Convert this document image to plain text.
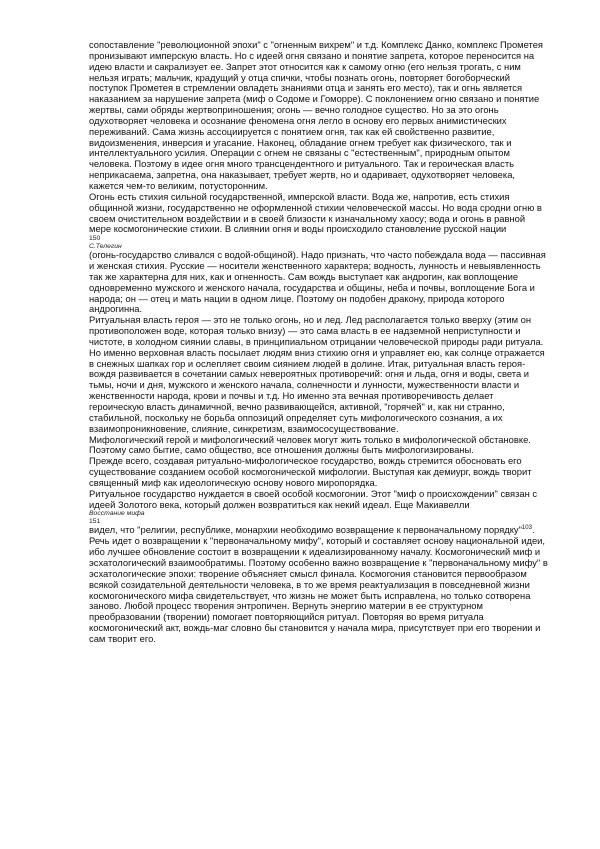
сопоставление "революционной эпохи" с "огненным вихрем" и т.д. Комплекс Данко, комплекс Прометея пронизывают имперскую власть. Но с идеей огня связано и понятие запрета, которое переносится на идею власти и сакрализует ее. Запрет этот относится как к самому огню (его нельзя трогать, с ним нельзя играть; мальчик, крадущий у отца спички, чтобы познать огонь, повторяет богоборческий поступок Прометея в стремлении овладеть знаниями отца и занять его место), так и огнь является наказанием за нарушение запрета (миф о Содоме и Гоморре). С поклонением огню связано и понятие жертвы, сами обряды жертвоприношения; огонь — вечно голодное существо. Но за это огонь одухотворяет человека и осознание феномена огня легло в основу его первых анимистических переживаний. Сама жизнь ассоциируется с понятием огня, так как ей свойственно развитие, видоизменения, инверсия и угасание. Наконец, обладание огнем требует как физического, так и интеллектуального усилия. Операции с огнем не связаны с "естественным", природным опытом человека. Поэтому в идее огня много трансцендентного и ритуального. Так и героическая власть неприкасаема, запретна, она наказывает, требует жертв, но и одаривает, одухотворяет человека, кажется чем-то великим, потусторонним.

Огонь есть стихия сильной государственной, имперской власти. Вода же, напротив, есть стихия общинной жизни, государственно не оформленной стихии человеческой массы. Но вода сродни огню в своем очистительном воздействии и в своей близости к изначальному хаосу; вода и огонь в равной мере космогонические стихии. В слиянии огня и воды происходило становление русской нации

150
С.Телегин

(огонь-государство сливался с водой-общиной). Надо признать, что часто побеждала вода — пассивная и женская стихия. Русские — носители женственного характера; водность, лунность и невыявленность так же характерна для них, как и огненность. Сам вождь выступает как андрогин, как воплощение одновременно мужского и женского начала, государства и общины, неба и почвы, воплощение Бога и народа; он — отец и мать нации в одном лице. Поэтому он подобен дракону, природа которого андрогинна.

Ритуальная власть героя — это не только огонь, но и лед. Лед располагается только вверху (этим он противоположен воде, которая только внизу) — это сама власть в ее надземной неприступности и чистоте, в холодном сиянии славы, в принципиальном отрицании человеческой природы ради ритуала. Но именно верховная власть посылает людям вниз стихию огня и управляет ею, как солнце отражается в снежных шапках гор и ослепляет своим сиянием людей в долине. Итак, ритуальная власть героя-вождя развивается в сочетании самых невероятных противоречий: огня и льда, огня и воды, света и тьмы, ночи и дня, мужского и женского начала, солнечности и лунности, мужественности власти и женственности народа, крови и почвы и т.д. Но именно эта вечная противоречивость делает героическую власть динамичной, вечно развивающейся, активной, "горячей" и, как ни странно, стабильной, поскольку не борьба оппозиций определяет суть мифологического сознания, а их взаимопроникновение, слияние, синкретизм, взаимососуществование.

Мифологический герой и мифологический человек могут жить только в мифологической обстановке. Поэтому само бытие, само общество, все отношения должны быть мифологизированы.

Прежде всего, создавая ритуально-мифологическое государство, вождь стремится обосновать его существование созданием особой космогонической мифологии. Выступая как демиург, вождь творит священный миф как идеологическую основу нового миропорядка.

Ритуальное государство нуждается в своей особой космогонии. Этот "миф о происхождении" связан с идеей Золотого века, который должен возвратиться как некий идеал. Еще Макиавелли

Восстание мифа
151

видел, что "религии, республике, монархии необходимо возвращение к первоначальному порядку"$^{103}$. Речь идет о возвращении к "первоначальному мифу", который и составляет основу национальной идеи, ибо лучшее обновление состоит в возвращении к идеализированному началу. Космогонический миф и эсхатологический взаимообратимы. Поэтому особенно важно возвращение к "первоначальному мифу" в эсхатологические эпохи: творение объясняет смысл финала. Космогония становится первообразом всякой созидательной деятельности человека, в то же время реактуализация в повседневной жизни космогонического мифа свидетельствует, что жизнь не может быть исправлена, но только сотворена заново. Любой процесс творения энтропичен. Вернуть энергию материи в ее структурном преобразовании (творении) помогает повторяющийся ритуал. Повторяя во время ритуала космогонический акт, вождь-маг словно бы становится у начала мира, присутствует при его творении и сам творит его.
